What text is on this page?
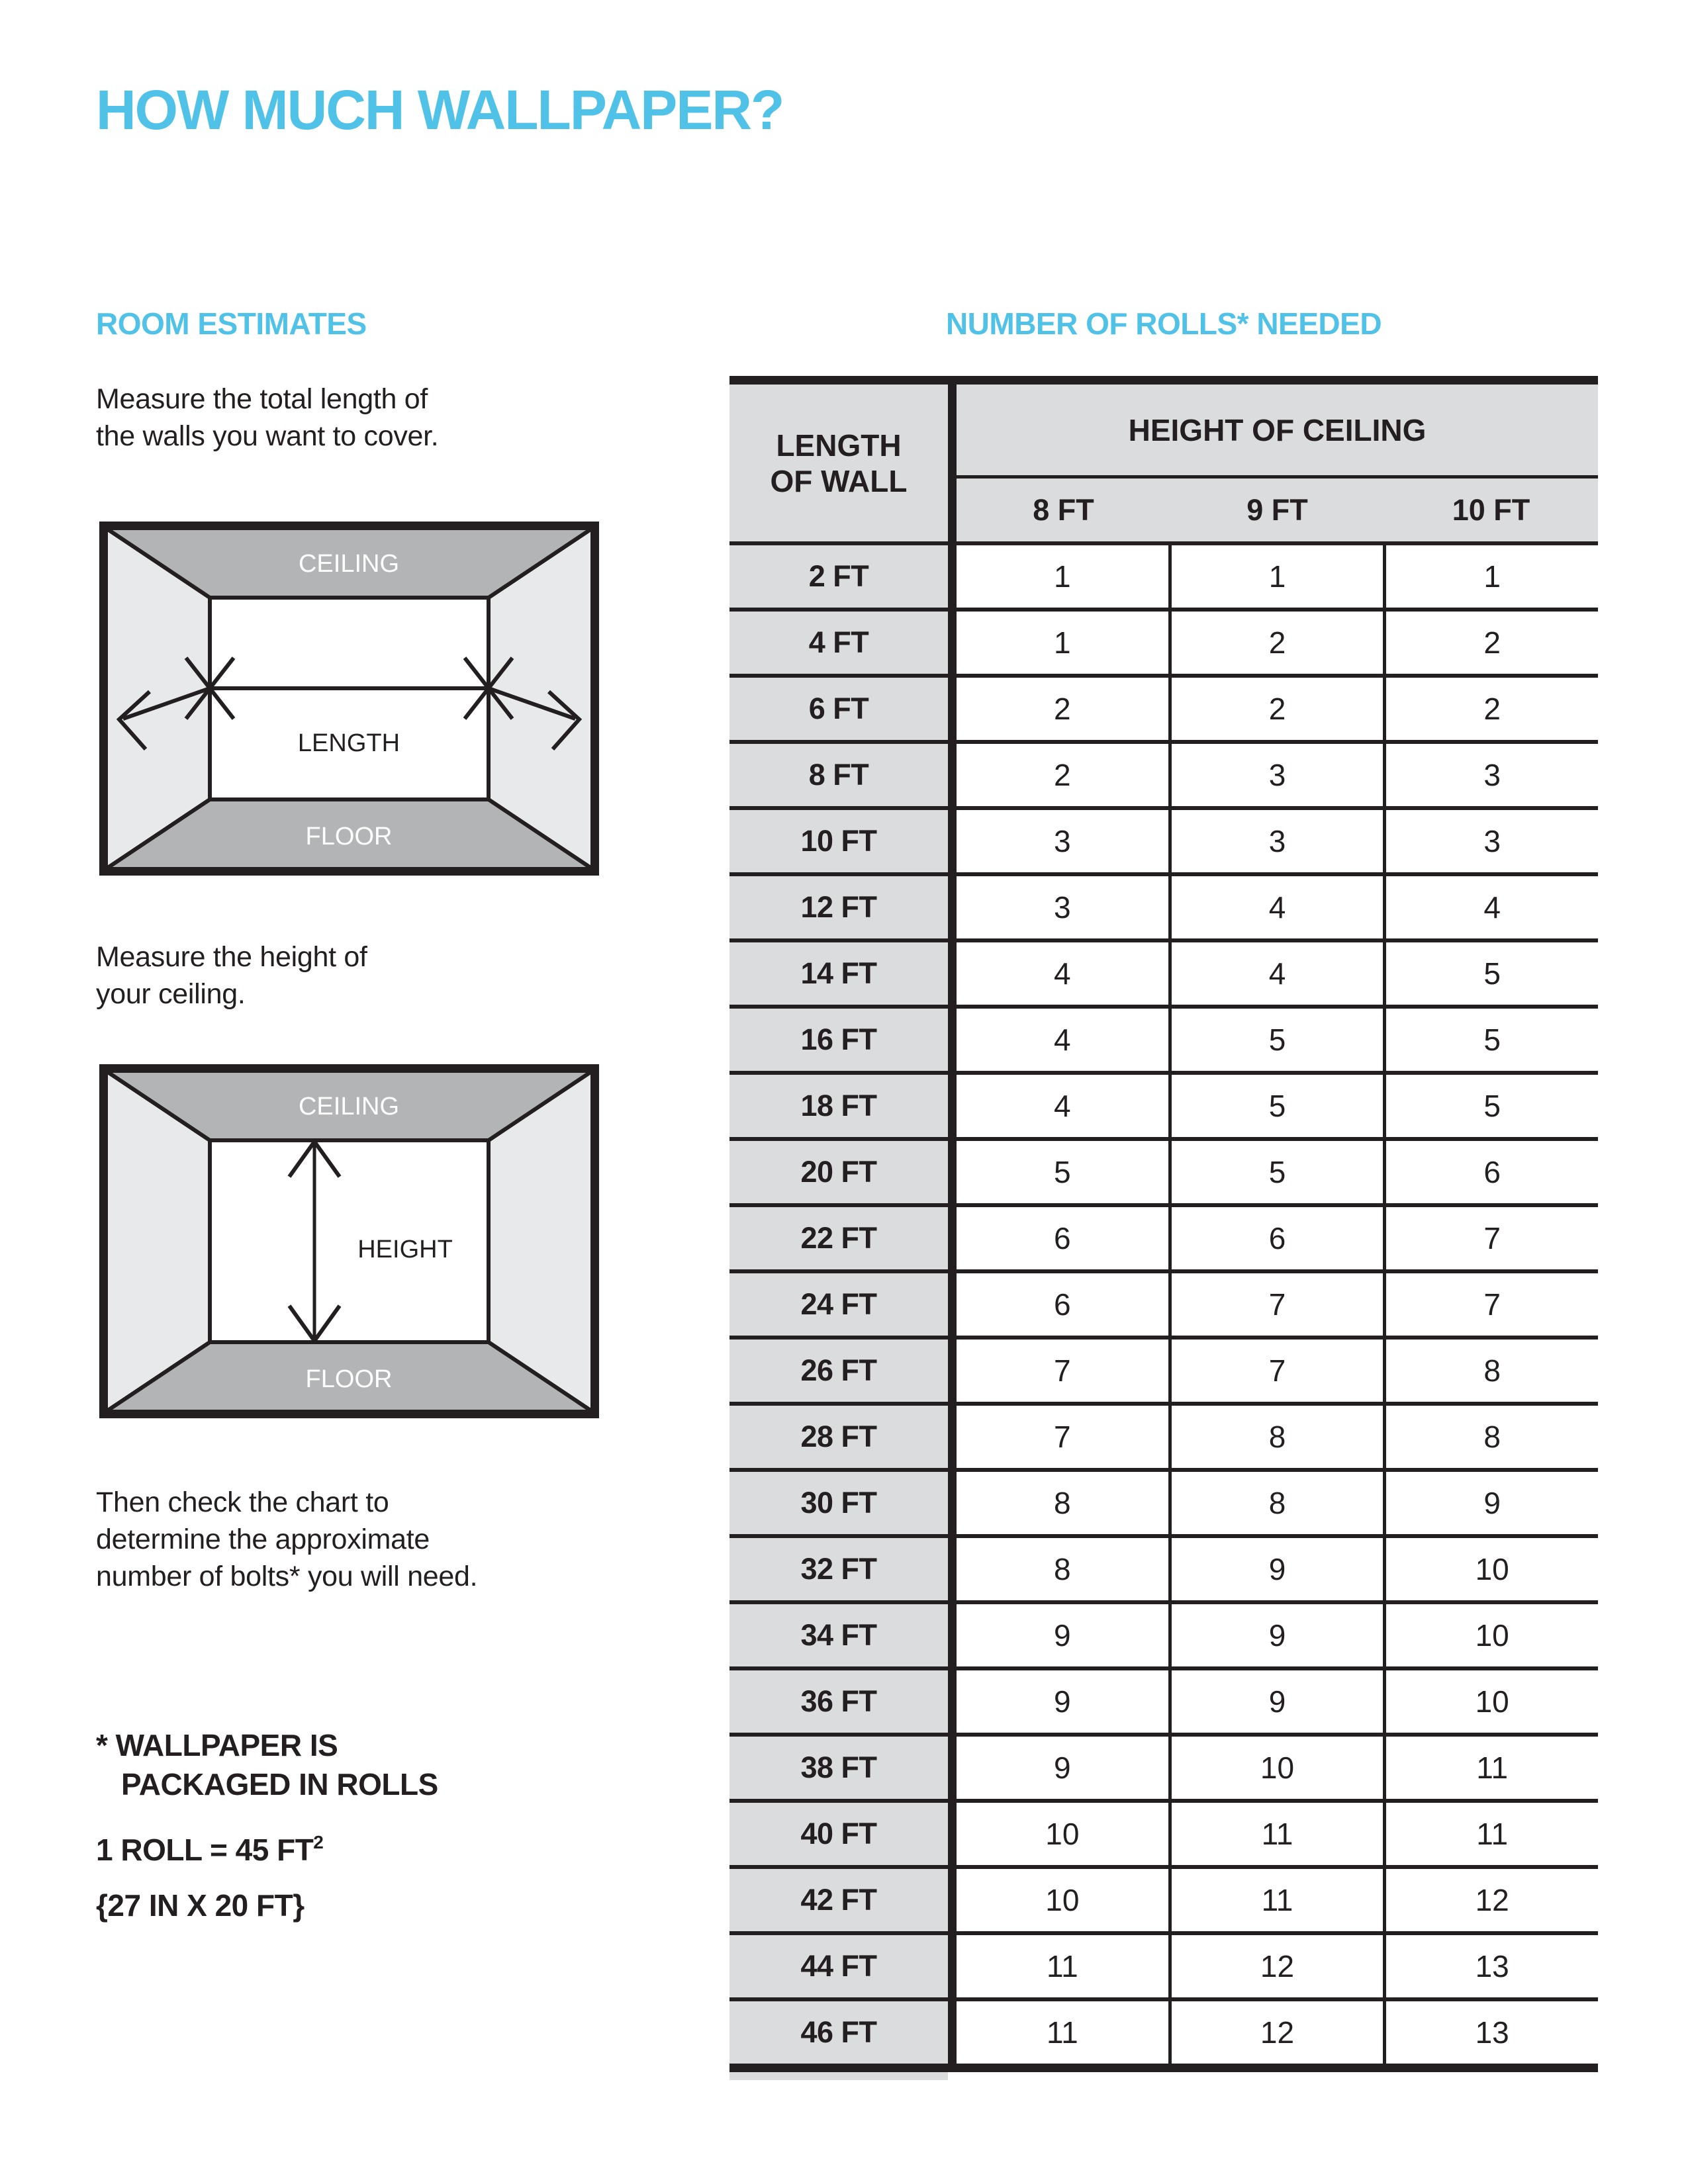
HOW MUCH WALLPAPER?
ROOM ESTIMATES	NUMBER OF ROLLS* NEEDED
Measure the total length of
the walls you want to cover.
CEILING
FLOOR
LENGTH
Measure the height of
your ceiling.
CEILING
FLOOR
HEIGHT
Then check the chart to
determine the approximate
number of bolts* you will need.
* WALLPAPER IS
PACKAGED IN ROLLS
1 ROLL = 45 $FT^2$
{27 IN X 20 FT}
LENGTH
OF WALL
HEIGHT OF CEILING
8 FT	9 FT	10 FT
2 FT	1	1	1
4 FT	1	2	2
6 FT	2	2	2
8 FT	2	3	3
10 FT	3	3	3
12 FT	3	4	4
14 FT	4	4	5
16 FT	4	5	5
18 FT	4	5	5
20 FT	5	5	6
22 FT	6	6	7
24 FT	6	7	7
26 FT	7	7	8
28 FT	7	8	8
30 FT	8	8	9
32 FT	8	9	10
34 FT	9	9	10
36 FT	9	9	10
38 FT	9	10	11
40 FT	10	11	11
42 FT	10	11	12
44 FT	11	12	13
46 FT	11	12	13
